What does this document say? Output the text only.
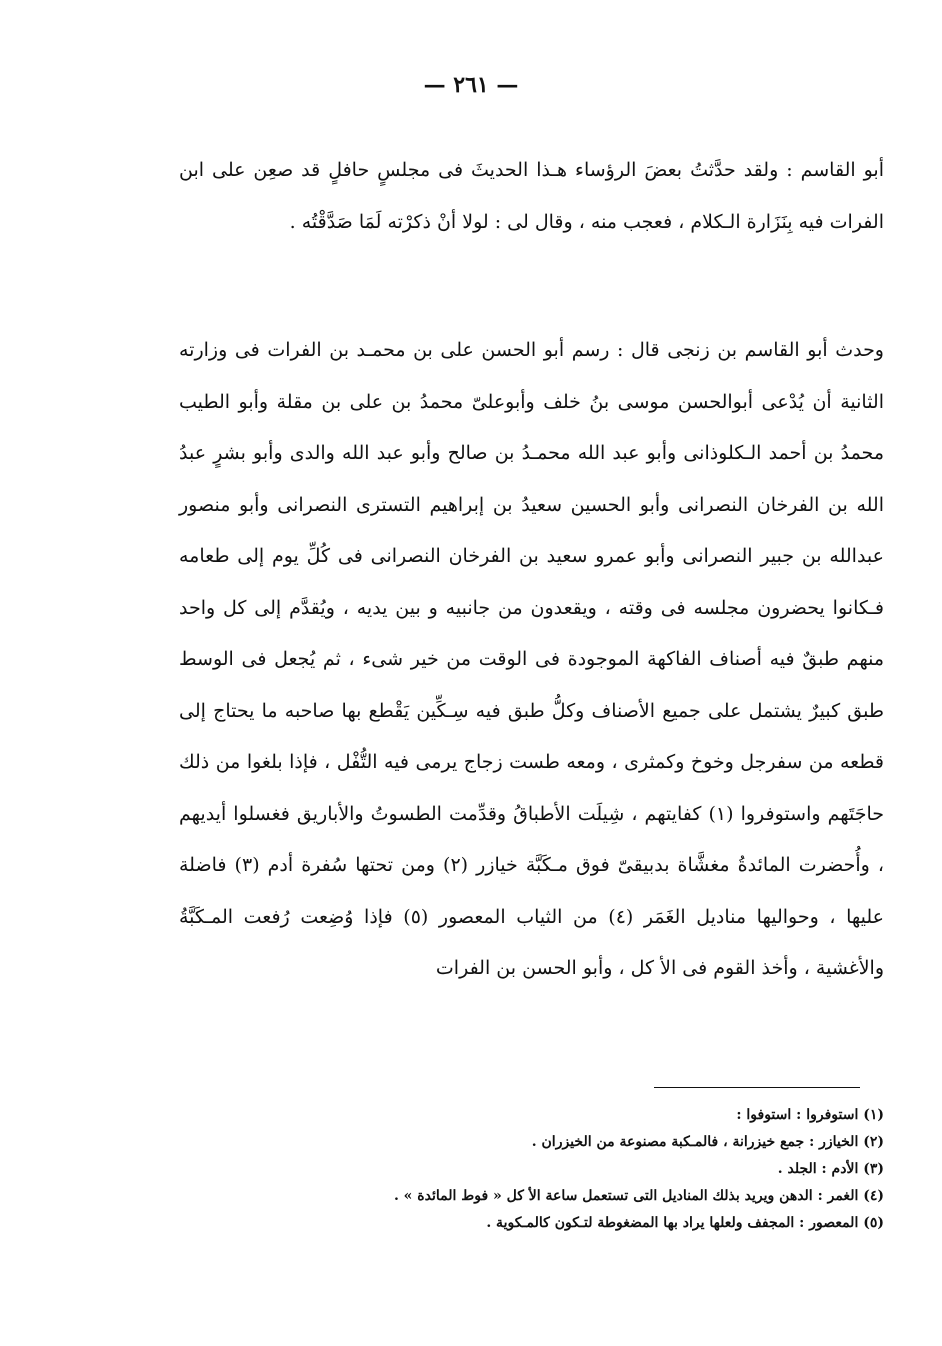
— ٢٦١ —

أبو القاسم : ولقد حدَّثتُ بعضَ الرؤساء هـذا الحديثَ فى مجلسٍ حافلٍ قد صعِن على ابن الفرات فيه بِنَزَارة الـكلام ، فعجب منه ، وقال لى : لولا أنْ ذكرْته لَمَا صَدَّقْتُه .

وحدث أبو القاسم بن زنجى قال : رسم أبو الحسن على بن محمـد بن الفرات فى وزارته الثانية أن يُدْعى أبوالحسن موسى بنُ خلف وأبوعلىّ محمدُ بن على بن مقلة وأبو الطيب محمدُ بن أحمد الـكلوذانى وأبو عبد الله محمـدُ بن صالح وأبو عبد الله والدى وأبو بشرٍ عبدُ الله بن الفرخان النصرانى وأبو الحسين سعيدُ بن إبراهيم التسترى النصرانى وأبو منصور عبدالله بن جبير النصرانى وأبو عمرو سعيد بن الفرخان النصرانى فى كُلِّ يوم إلى طعامه فـكانوا يحضرون مجلسه فى وقته ، ويقعدون من جانبيه و بين يديه ، ويُقدَّم إلى كل واحد منهم طبقٌ فيه أصناف الفاكهة الموجودة فى الوقت من خير شىء ، ثم يُجعل فى الوسط طبق كبيرٌ يشتمل على جميع الأصناف وكلُّ طبق فيه سِـكِّين يَقْطع بها صاحبه ما يحتاج إلى قطعه من سفرجل وخوخ وكمثرى ، ومعه طست زجاج يرمى فيه التُّفْل ، فإذا بلغوا من ذلك حاجَتَهم واستوفروا (١) كفايتهم ، شِيلَت الأطباقُ وقدِّمت الطسوتُ والأباريق فغسلوا أيديهم ، وأُحضرت المائدةُ مغشَّاة بدبيقىّ فوق مـكَبَّة خيازر (٢) ومن تحتها سُفرة أدم (٣) فاضلة عليها ، وحواليها مناديل الغَمَر (٤) من الثياب المعصور (٥) فإذا وُضِعت رُفعت المـكَبَّةُ والأغشية ، وأخذ القوم فى الأ كل ، وأبو الحسن بن الفرات

(١) استوفروا : استوفوا :
(٢) الخيازر : جمع خيزرانة ، فالمـكبة مصنوعة من الخيزران .
(٣) الأدم : الجلد .
(٤) الغمر : الدهن ويريد بذلك المناديل التى تستعمل ساعة الأ كل « فوط المائدة » .
(٥) المعصور : المجفف ولعلها يراد بها المضغوطة لتـكون كالمـكوية .
